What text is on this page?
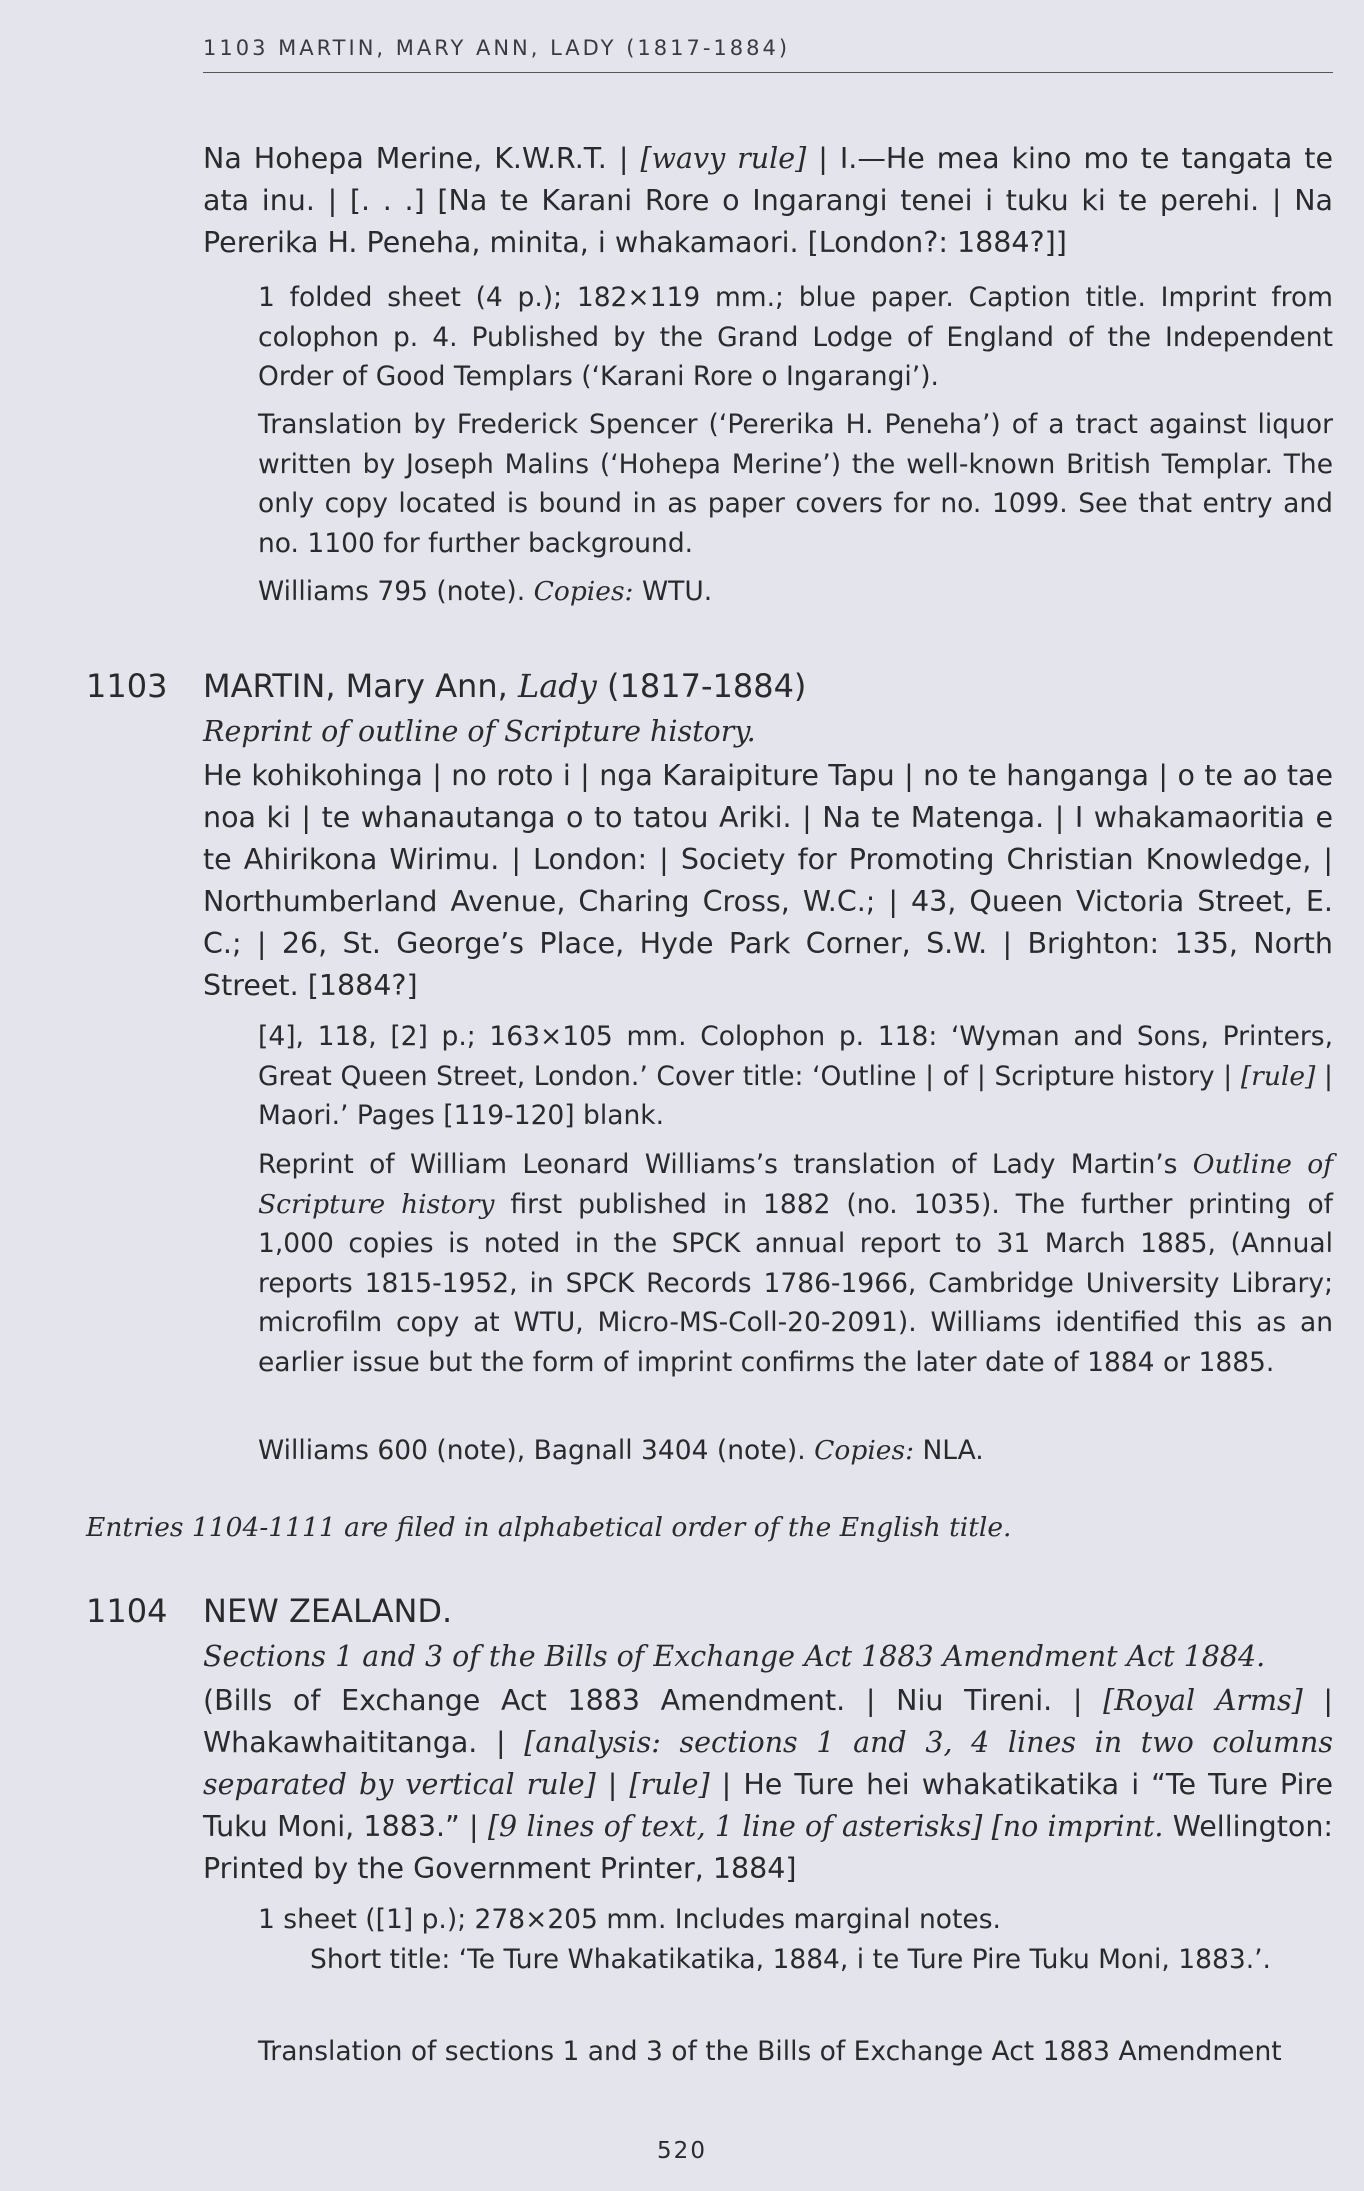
1103 MARTIN, MARY ANN, LADY (1817-1884)
Na Hohepa Merine, K.W.R.T. | [wavy rule] | I.—He mea kino mo te tangata te ata inu. | [. . .] [Na te Karani Rore o Ingarangi tenei i tuku ki te perehi. | Na Pererika H. Peneha, minita, i whakamaori. [London?: 1884?]]
1 folded sheet (4 p.); 182×119 mm.; blue paper. Caption title. Imprint from colophon p. 4. Published by the Grand Lodge of England of the Independent Order of Good Templars (‘Karani Rore o Ingarangi’).
Translation by Frederick Spencer (‘Pererika H. Peneha’) of a tract against liquor written by Joseph Malins (‘Hohepa Merine’) the well-known British Templar. The only copy located is bound in as paper covers for no. 1099. See that entry and no. 1100 for further background.
Williams 795 (note). Copies: WTU.
1103 MARTIN, Mary Ann, Lady (1817-1884)
Reprint of outline of Scripture history.
He kohikohinga | no roto i | nga Karaipiture Tapu | no te hanganga | o te ao tae noa ki | te whanautanga o to tatou Ariki. | Na te Matenga. | I whakamaoritia e te Ahirikona Wirimu. | London: | Society for Promoting Christian Knowledge, | Northumberland Avenue, Charing Cross, W.C.; | 43, Queen Victoria Street, E. C.; | 26, St. George’s Place, Hyde Park Corner, S.W. | Brighton: 135, North Street. [1884?]
[4], 118, [2] p.; 163×105 mm. Colophon p. 118: ‘Wyman and Sons, Printers, Great Queen Street, London.’ Cover title: ‘Outline | of | Scripture history | [rule] | Maori.’ Pages [119-120] blank.
Reprint of William Leonard Williams’s translation of Lady Martin’s Outline of Scripture history first published in 1882 (no. 1035). The further printing of 1,000 copies is noted in the SPCK annual report to 31 March 1885, (Annual reports 1815-1952, in SPCK Records 1786-1966, Cambridge University Library; microfilm copy at WTU, Micro-MS-Coll-20-2091). Williams identified this as an earlier issue but the form of imprint confirms the later date of 1884 or 1885.
Williams 600 (note), Bagnall 3404 (note). Copies: NLA.
Entries 1104-1111 are filed in alphabetical order of the English title.
1104 NEW ZEALAND.
Sections 1 and 3 of the Bills of Exchange Act 1883 Amendment Act 1884.
(Bills of Exchange Act 1883 Amendment. | Niu Tireni. | [Royal Arms] | Whakawhaititanga. | [analysis: sections 1 and 3, 4 lines in two columns separated by vertical rule] | [rule] | He Ture hei whakatikatika i “Te Ture Pire Tuku Moni, 1883.” | [9 lines of text, 1 line of asterisks] [no imprint. Wellington: Printed by the Government Printer, 1884]
1 sheet ([1] p.); 278×205 mm. Includes marginal notes.
Short title: ‘Te Ture Whakatikatika, 1884, i te Ture Pire Tuku Moni, 1883.’.
Translation of sections 1 and 3 of the Bills of Exchange Act 1883 Amendment
520
